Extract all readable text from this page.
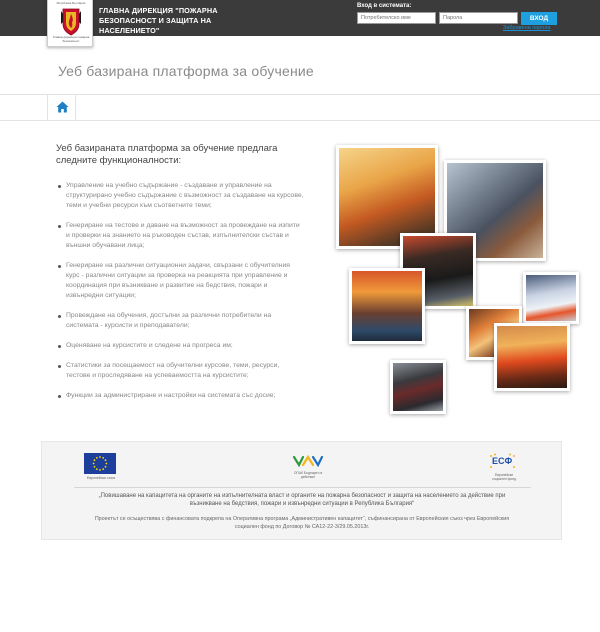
ГЛАВНА ДИРЕКЦИЯ "ПОЖАРНА БЕЗОПАСНОСТ И ЗАЩИТА НА НАСЕЛЕНИЕТО"
Вход в системата:
Потребителско име
ВХОД
Забравена парола
Република България
Главна дирекция пожарна безопасност
Уеб базирана платформа за обучение

Уеб базираната платформа за обучение предлага следните функционалности:

Управление на учебно съдържание - създаване и управление на структурирано учебно съдържание с възможност за създаване на курсове, теми и учебни ресурси към съответните теми;
Генериране на тестове и даване на възможност за провеждане на изпити и проверки на знанието на ръководен състав, изпълнителски състав и външни обучавани лица;
Генериране на различни ситуационни задачи, свързани с обучителния курс - различни ситуации за проверка на реакцията при управление и координация при възникване и развитие на бедствия, пожари и извънредни ситуации;
Провеждане на обучения, достъпни за различни потребители на системата - курсисти и преподаватели;
Оценяване на курсистите и следене на прогреса им;
Статистики за посещаемост на обучителни курсове, теми, ресурси, тестове и проследяване на успеваемостта на курсистите;
Функции за администриране и настройки на системата със досие;
Европейски съюз
ОПАК Бъдещето в действие
ЕСФ
Европейски социален фонд

„Повишаване на капацитета на органите на изпълнителната власт и органите на пожарна безопасност и защита на населението за действие при възникване на бедствия, пожари и извънредни ситуации в Република България“

Проектът се осъществява с финансовата подкрепа на Оперативна програма „Административен капацитет“, съфинансирана от Европейския съюз чрез Европейския социален фонд по Договор № СА12-22-3/29.05.2013г.
